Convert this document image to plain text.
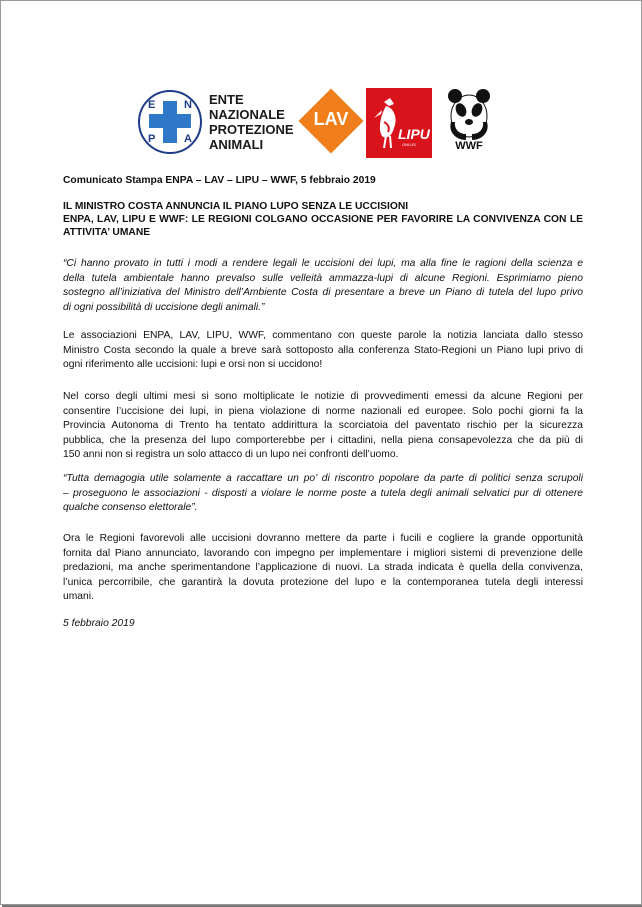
E	N
P	A
ENTE
NAZIONALE
PROTEZIONE
ANIMALI
LAV
LIPU
ONLUS	WWF
Comunicato Stampa ENPA – LAV – LIPU – WWF, 5 febbraio 2019
IL MINISTRO COSTA ANNUNCIA IL PIANO LUPO SENZA LE UCCISIONI
ENPA, LAV, LIPU E WWF: LE REGIONI COLGANO OCCASIONE PER FAVORIRE LA CONVIVENZA CON LE
ATTIVITA’ UMANE
“Ci hanno provato in tutti i modi a rendere legali le uccisioni dei lupi, ma alla fine le ragioni della scienza e
della tutela ambientale hanno prevalso sulle velleità ammazza-lupi di alcune Regioni. Esprimiamo pieno
sostegno all’iniziativa del Ministro dell’Ambiente Costa di presentare a breve un Piano di tutela del lupo privo
di ogni possibilità di uccisione degli animali.”
Le associazioni ENPA, LAV, LIPU, WWF, commentano con queste parole la notizia lanciata dallo stesso
Ministro Costa secondo la quale a breve sarà sottoposto alla conferenza Stato-Regioni un Piano lupi privo di
ogni riferimento alle uccisioni: lupi e orsi non si uccidono!
Nel corso degli ultimi mesi si sono moltiplicate le notizie di provvedimenti emessi da alcune Regioni per
consentire l’uccisione dei lupi, in piena violazione di norme nazionali ed europee. Solo pochi giorni fa la
Provincia Autonoma di Trento ha tentato addirittura la scorciatoia del paventato rischio per la sicurezza
pubblica, che la presenza del lupo comporterebbe per i cittadini, nella piena consapevolezza che da più di
150 anni non si registra un solo attacco di un lupo nei confronti dell’uomo.
“Tutta demagogia utile solamente a raccattare un po’ di riscontro popolare da parte di politici senza scrupoli
– proseguono le associazioni - disposti a violare le norme poste a tutela degli animali selvatici pur di ottenere
qualche consenso elettorale”.
Ora le Regioni favorevoli alle uccisioni dovranno mettere da parte i fucili e cogliere la grande opportunità
fornita dal Piano annunciato, lavorando con impegno per implementare i migliori sistemi di prevenzione delle
predazioni, ma anche sperimentandone l’applicazione di nuovi. La strada indicata è quella della convivenza,
l’unica percorribile, che garantirà la dovuta protezione del lupo e la contemporanea tutela degli interessi
umani.
5 febbraio 2019
